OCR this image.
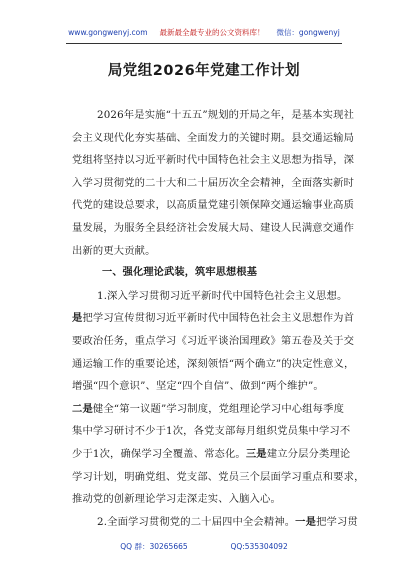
www.gongwenyj.com 最新最全最专业的公文资料库！ 微信：gongwenyj
局党组2026年党建工作计划
2026年是实施“十五五”规划的开局之年，是基本实现社
会主义现代化夯实基础、全面发力的关键时期。县交通运输局
党组将坚持以习近平新时代中国特色社会主义思想为指导，深
入学习贯彻党的二十大和二十届历次全会精神，全面落实新时
代党的建设总要求，以高质量党建引领保障交通运输事业高质
量发展，为服务全县经济社会发展大局、建设人民满意交通作
出新的更大贡献。
一、强化理论武装，筑牢思想根基
1.深入学习贯彻习近平新时代中国特色社会主义思想。
是把学习宣传贯彻习近平新时代中国特色社会主义思想作为首
要政治任务，重点学习《习近平谈治国理政》第五卷及关于交
通运输工作的重要论述，深刻领悟“两个确立”的决定性意义，
增强“四个意识”、坚定“四个自信”、做到“两个维护”。
二是健全“第一议题”学习制度，党组理论学习中心组每季度
集中学习研讨不少于1次，各党支部每月组织党员集中学习不
少于1次，确保学习全覆盖、常态化。三是建立分层分类理论
学习计划，明确党组、党支部、党员三个层面学习重点和要求，
推动党的创新理论学习走深走实、入脑入心。
2.全面学习贯彻党的二十届四中全会精神。一是把学习贯
QQ 群：30265665	QQ:535304092
